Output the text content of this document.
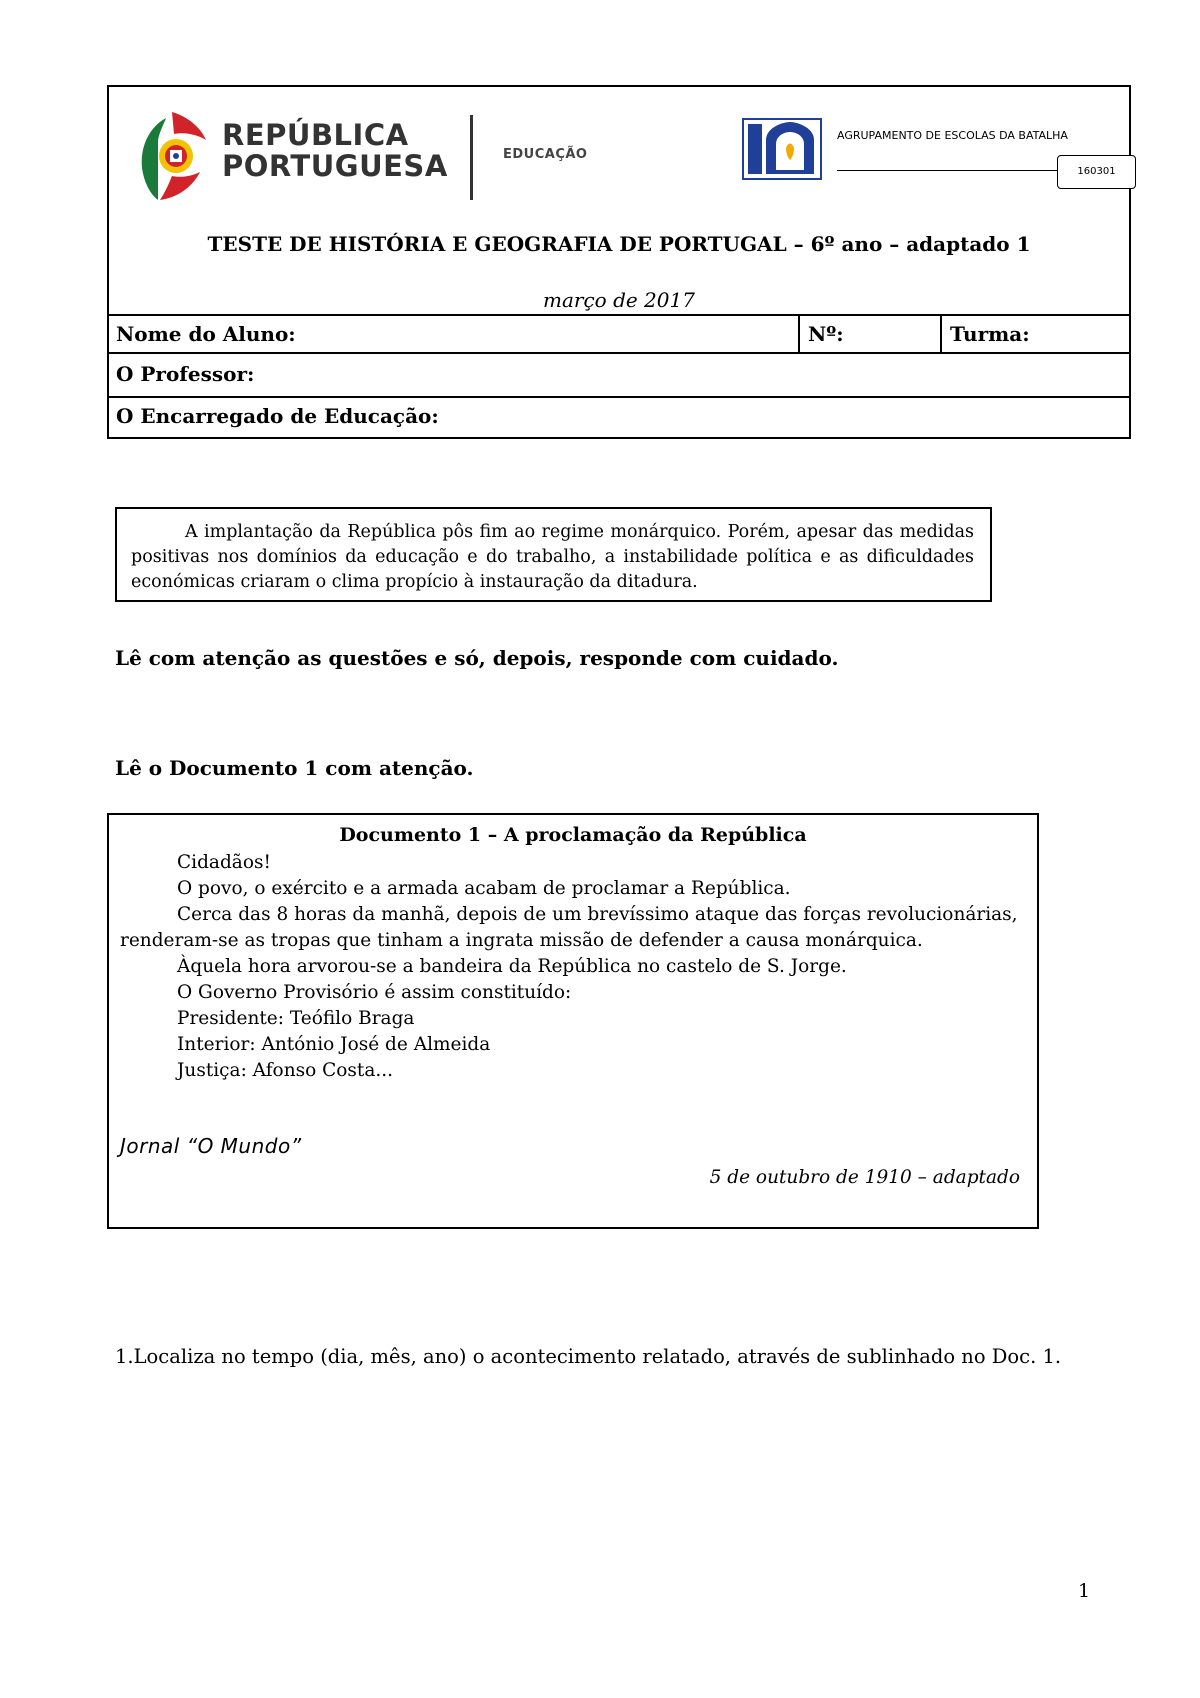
REPÚBLICA
PORTUGUESA	EDUCAÇÃO
AGRUPAMENTO DE ESCOLAS DA BATALHA
160301
TESTE DE HISTÓRIA E GEOGRAFIA DE PORTUGAL – 6º ano – adaptado 1
março de 2017
Nome do Aluno:	Nº:	Turma:
O Professor:
O Encarregado de Educação:

A implantação da República pôs fim ao regime monárquico. Porém, apesar das medidas positivas nos domínios da educação e do trabalho, a instabilidade política e as dificuldades económicas criaram o clima propício à instauração da ditadura.

Lê com atenção as questões e só, depois, responde com cuidado.
Lê o Documento 1 com atenção.
Documento 1 – A proclamação da República
Cidadãos!
O povo, o exército e a armada acabam de proclamar a República.
Cerca das 8 horas da manhã, depois de um brevíssimo ataque das forças revolucionárias,
renderam-se as tropas que tinham a ingrata missão de defender a causa monárquica.
Àquela hora arvorou-se a bandeira da República no castelo de S. Jorge.
O Governo Provisório é assim constituído:
Presidente: Teófilo Braga
Interior: António José de Almeida
Justiça: Afonso Costa...
Jornal “O Mundo”
5 de outubro de 1910 – adaptado
1.Localiza no tempo (dia, mês, ano) o acontecimento relatado, através de sublinhado no Doc. 1.
1
